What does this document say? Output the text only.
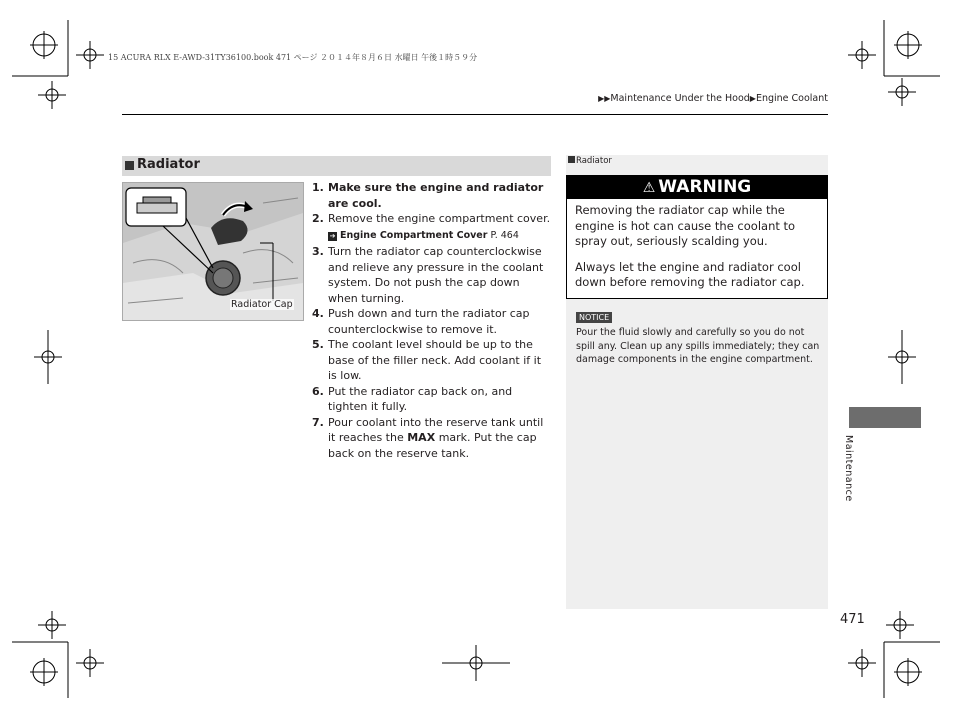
15 ACURA RLX E-AWD-31TY36100.book 471 ページ ２０１４年８月６日 水曜日 午後１時５９分
▶▶Maintenance Under the Hood▶Engine Coolant
Radiator
Radiator Cap
1. Make sure the engine and radiator are cool.
2. Remove the engine compartment cover.
➔ Engine Compartment Cover P. 464
3. Turn the radiator cap counterclockwise and relieve any pressure in the coolant system. Do not push the cap down when turning.
4. Push down and turn the radiator cap counterclockwise to remove it.
5. The coolant level should be up to the base of the filler neck. Add coolant if it is low.
6. Put the radiator cap back on, and tighten it fully.
7. Pour coolant into the reserve tank until it reaches the MAX mark. Put the cap back on the reserve tank.
Radiator
⚠ WARNING

Removing the radiator cap while the engine is hot can cause the coolant to spray out, seriously scalding you.

Always let the engine and radiator cool down before removing the radiator cap.

NOTICE
Pour the fluid slowly and carefully so you do not spill any. Clean up any spills immediately; they can damage components in the engine compartment.
Maintenance
471
